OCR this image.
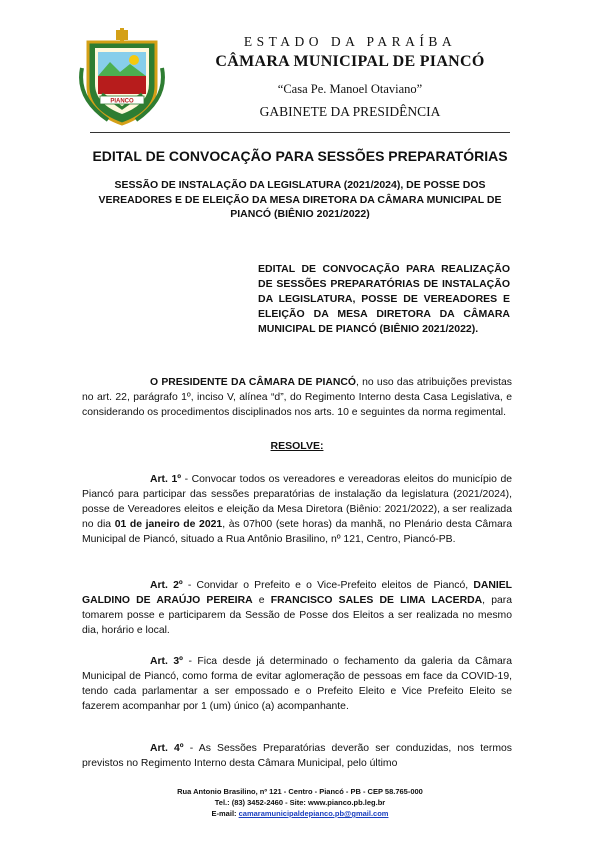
PIANCO
ESTADO DA PARAÍBA
CÂMARA MUNICIPAL DE PIANCÓ
“Casa Pe. Manoel Otaviano”
GABINETE DA PRESIDÊNCIA
EDITAL DE CONVOCAÇÃO PARA SESSÕES PREPARATÓRIAS
SESSÃO DE INSTALAÇÃO DA LEGISLATURA (2021/2024), DE POSSE DOS VEREADORES E DE ELEIÇÃO DA MESA DIRETORA DA CÂMARA MUNICIPAL DE PIANCÓ (BIÊNIO 2021/2022)
EDITAL DE CONVOCAÇÃO PARA REALIZAÇÃO DE SESSÕES PREPARATÓRIAS DE INSTALAÇÃO DA LEGISLATURA, POSSE DE VEREADORES E ELEIÇÃO DA MESA DIRETORA DA CÂMARA MUNICIPAL DE PIANCÓ (BIÊNIO 2021/2022).

O PRESIDENTE DA CÂMARA DE PIANCÓ, no uso das atribuições previstas no art. 22, parágrafo 1º, inciso V, alínea “d”, do Regimento Interno desta Casa Legislativa, e considerando os procedimentos disciplinados nos arts. 10 e seguintes da norma regimental.

RESOLVE:

Art. 1º - Convocar todos os vereadores e vereadoras eleitos do município de Piancó para participar das sessões preparatórias de instalação da legislatura (2021/2024), posse de Vereadores eleitos e eleição da Mesa Diretora (Biênio: 2021/2022), a ser realizada no dia 01 de janeiro de 2021, às 07h00 (sete horas) da manhã, no Plenário desta Câmara Municipal de Piancó, situado a Rua Antônio Brasilino, nº 121, Centro, Piancó-PB.

Art. 2º - Convidar o Prefeito e o Vice-Prefeito eleitos de Piancó, DANIEL GALDINO DE ARAÚJO PEREIRA e FRANCISCO SALES DE LIMA LACERDA, para tomarem posse e participarem da Sessão de Posse dos Eleitos a ser realizada no mesmo dia, horário e local.

Art. 3º - Fica desde já determinado o fechamento da galeria da Câmara Municipal de Piancó, como forma de evitar aglomeração de pessoas em face da COVID-19, tendo cada parlamentar a ser empossado e o Prefeito Eleito e Vice Prefeito Eleito se fazerem acompanhar por 1 (um) único (a) acompanhante.

Art. 4º - As Sessões Preparatórias deverão ser conduzidas, nos termos previstos no Regimento Interno desta Câmara Municipal, pelo último

Rua Antonio Brasilino, nº 121 - Centro - Piancó - PB - CEP 58.765-000
Tel.: (83) 3452-2460 - Site: www.pianco.pb.leg.br
E-mail: camaramunicipaldepianco.pb@gmail.com
